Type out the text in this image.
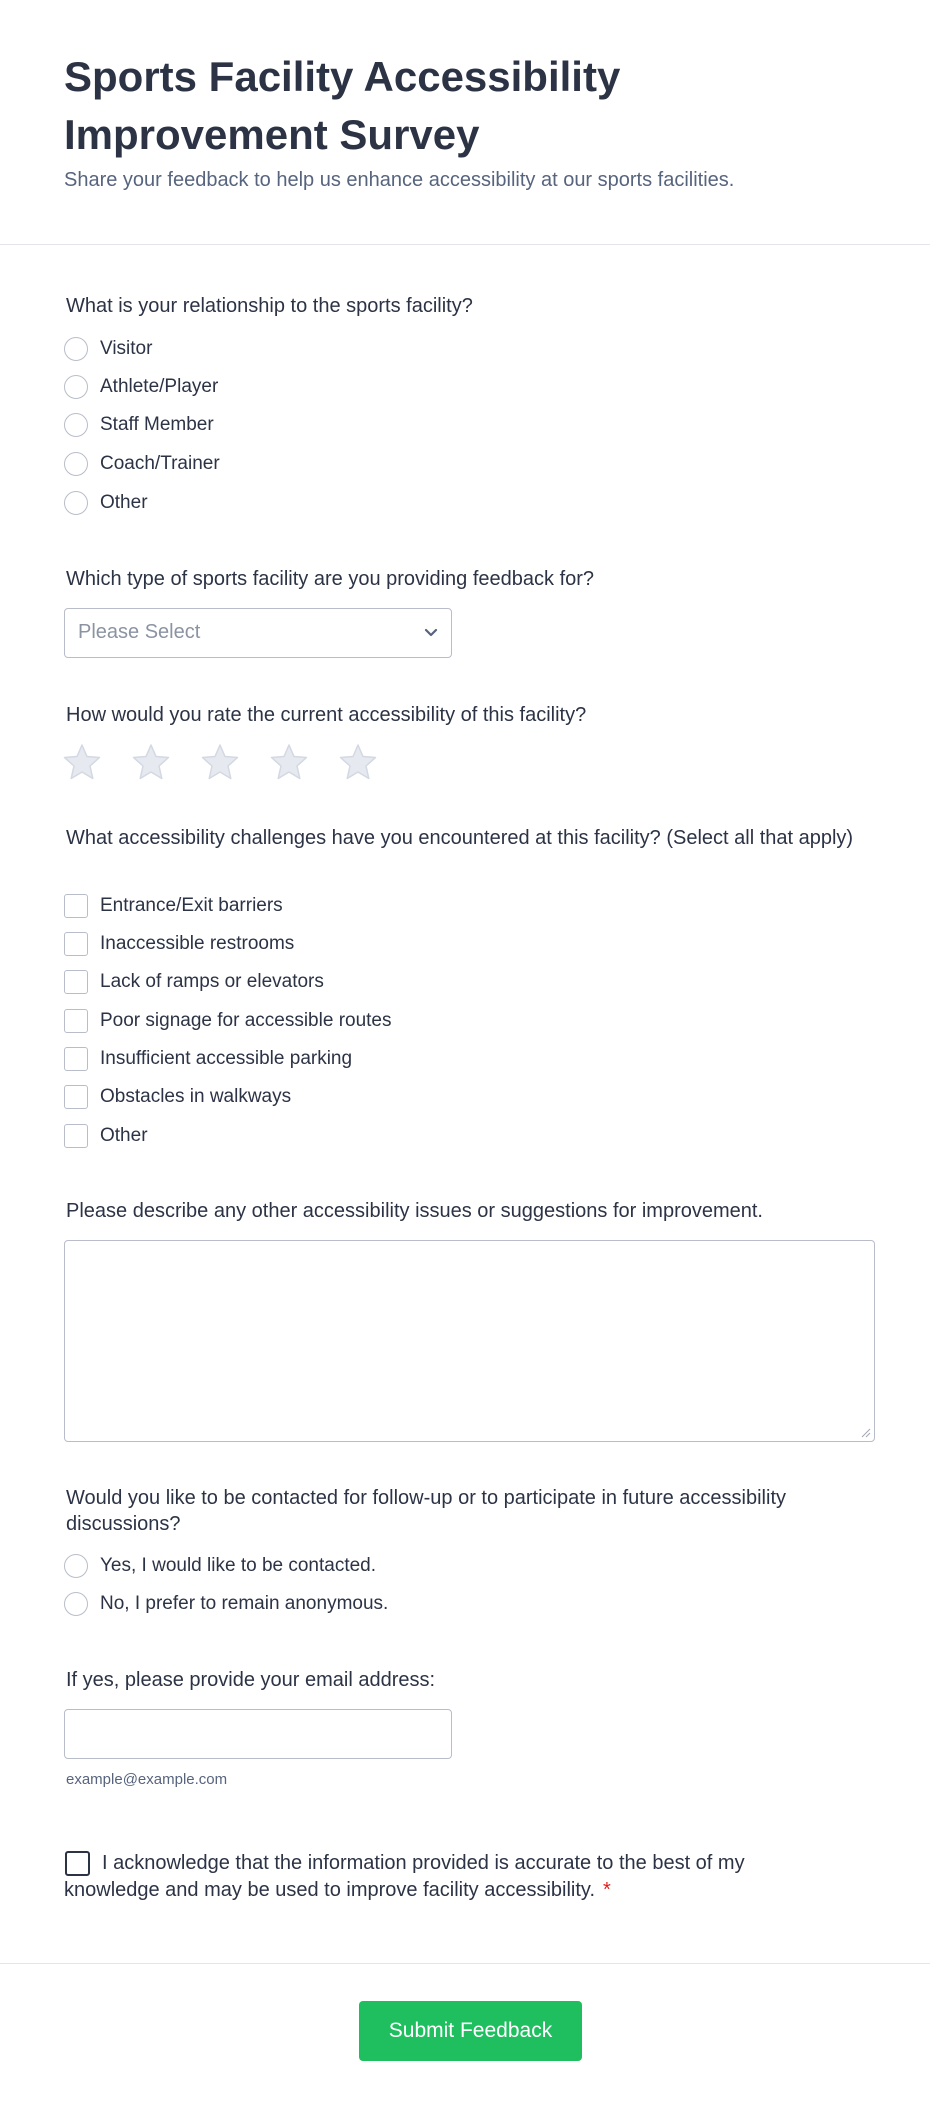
Sports Facility Accessibility Improvement Survey

Share your feedback to help us enhance accessibility at our sports facilities.

What is your relationship to the sports facility?

Visitor
Athlete/Player
Staff Member
Coach/Trainer
Other

Which type of sports facility are you providing feedback for?

Please Select

How would you rate the current accessibility of this facility?

What accessibility challenges have you encountered at this facility? (Select all that apply)

Entrance/Exit barriers
Inaccessible restrooms
Lack of ramps or elevators
Poor signage for accessible routes
Insufficient accessible parking
Obstacles in walkways
Other

Please describe any other accessibility issues or suggestions for improvement.

Would you like to be contacted for follow-up or to participate in future accessibility discussions?

Yes, I would like to be contacted.
No, I prefer to remain anonymous.

If yes, please provide your email address:

example@example.com

I acknowledge that the information provided is accurate to the best of my knowledge and may be used to improve facility accessibility. *

Submit Feedback
